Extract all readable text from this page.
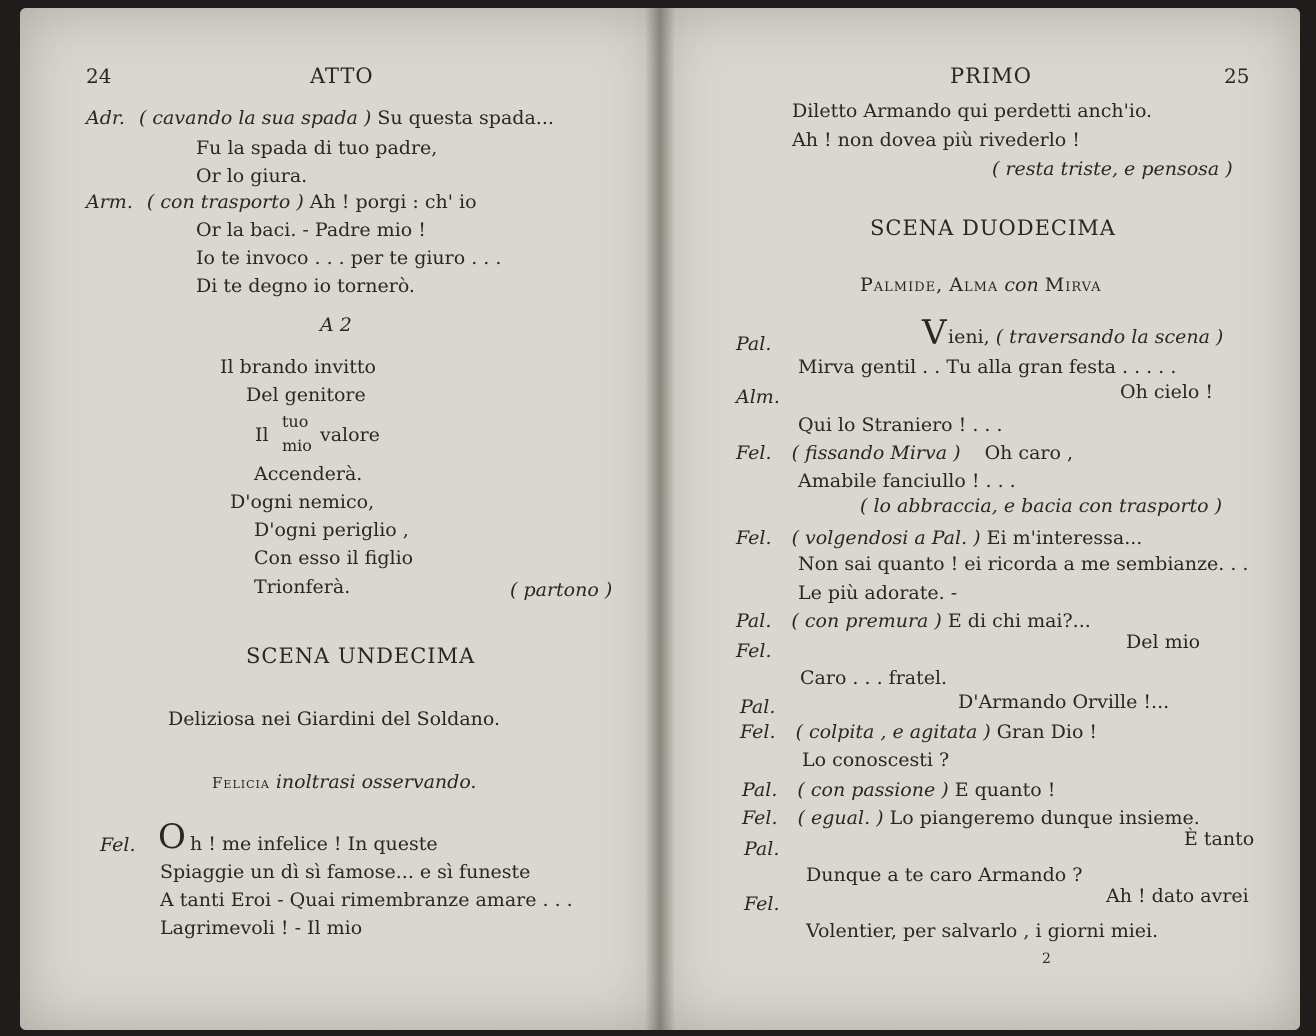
24	ATTO
Adr. ( cavando la sua spada ) Su questa spada...
Fu la spada di tuo padre,
Or lo giura.
Arm. ( con trasporto ) Ah ! porgi : ch' io
Or la baci. - Padre mio !
Io te invoco . . . per te giuro . . .
Di te degno io tornerò.
A 2
Il brando invitto
Del genitore
Il
tuo
mio valore
Accenderà.
D'ogni nemico,
D'ogni periglio ,
Con esso il figlio
Trionferà.	( partono )
SCENA UNDECIMA
Deliziosa nei Giardini del Soldano.
Felicia inoltrasi osservando.
Fel. O h ! me infelice ! In queste
Spiaggie un dì sì famose... e sì funeste
A tanti Eroi - Quai rimembranze amare . . .
Lagrimevoli ! - Il mio
PRIMO	25
Diletto Armando qui perdetti anch'io.
Ah ! non dovea più rivederlo !
( resta triste, e pensosa )
SCENA DUODECIMA
Palmide, Alma con Mirva
Pal.	V ieni, ( traversando la scena )
Mirva gentil . . Tu alla gran festa . . . . .
Alm.	Oh cielo !
Qui lo Straniero ! . . .
Fel. ( fissando Mirva ) Oh caro ,
Amabile fanciullo ! . . .
( lo abbraccia, e bacia con trasporto )
Fel. ( volgendosi a Pal. ) Ei m'interessa...
Non sai quanto ! ei ricorda a me sembianze. . .
Le più adorate. -
Pal. ( con premura ) E di chi mai?...
Fel.	Del mio
Caro . . . fratel.
Pal.	D'Armando Orville !...
Fel. ( colpita , e agitata ) Gran Dio !
Lo conoscesti ?
Pal. ( con passione ) E quanto !
Fel. ( egual. ) Lo piangeremo dunque insieme.
Pal.	È tanto
Dunque a te caro Armando ?
Fel.	Ah ! dato avrei
Volentier, per salvarlo , i giorni miei.
2
